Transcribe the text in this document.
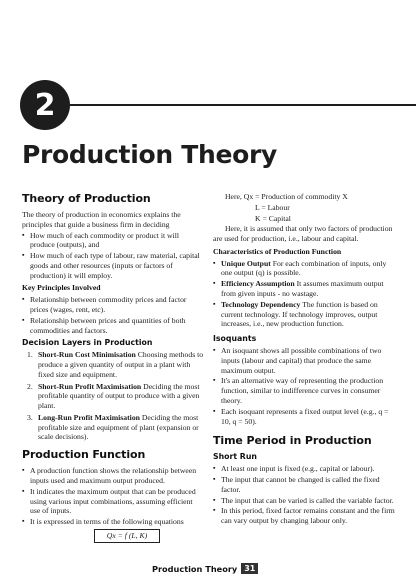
2
Production Theory
Theory of Production

The theory of production in economics explains the principles that guide a business firm in deciding

▪ How much of each commodity or product it will produce (outputs), and
▪ How much of each type of labour, raw material, capital goods and other resources (inputs or factors of production) it will employ.
Key Principles Involved
▪ Relationship between commodity prices and factor prices (wages, rent, etc).
▪ Relationship between prices and quantities of both commodities and factors.
Decision Layers in Production
1. Short-Run Cost Minimisation Choosing methods to produce a given quantity of output in a plant with fixed size and equipment.
2. Short-Run Profit Maximisation Deciding the most profitable quantity of output to produce with a given plant.
3. Long-Run Profit Maximisation Deciding the most profitable size and equipment of plant (expansion or scale decisions).
Production Function
▪ A production function shows the relationship between inputs used and maximum output produced.
▪ It indicates the maximum output that can be produced using various input combinations, assuming efficient use of inputs.
▪ It is expressed in terms of the following equations
Qx = f (L, K)

Here, Qx = Production of commodity X

L = Labour

K = Capital

Here, it is assumed that only two factors of production are used for production, i.e., labour and capital.

Characteristics of Production Function
▪ Unique Output For each combination of inputs, only one output (q) is possible.
▪ Efficiency Assumption It assumes maximum output from given inputs - no wastage.
▪ Technology Dependency The function is based on current technology. If technology improves, output increases, i.e., new production function.
Isoquants
▪ An isoquant shows all possible combinations of two inputs (labour and capital) that produce the same maximum output.
▪ It's an alternative way of representing the production function, similar to indifference curves in consumer theory.
▪ Each isoquant represents a fixed output level (e.g., q = 10, q = 50).
Time Period in Production
Short Run
▪ At least one input is fixed (e.g., capital or labour).
▪ The input that cannot be changed is called the fixed factor.
▪ The input that can be varied is called the variable factor.
▪ In this period, fixed factor remains constant and the firm can vary output by changing labour only.
Production Theory 31
